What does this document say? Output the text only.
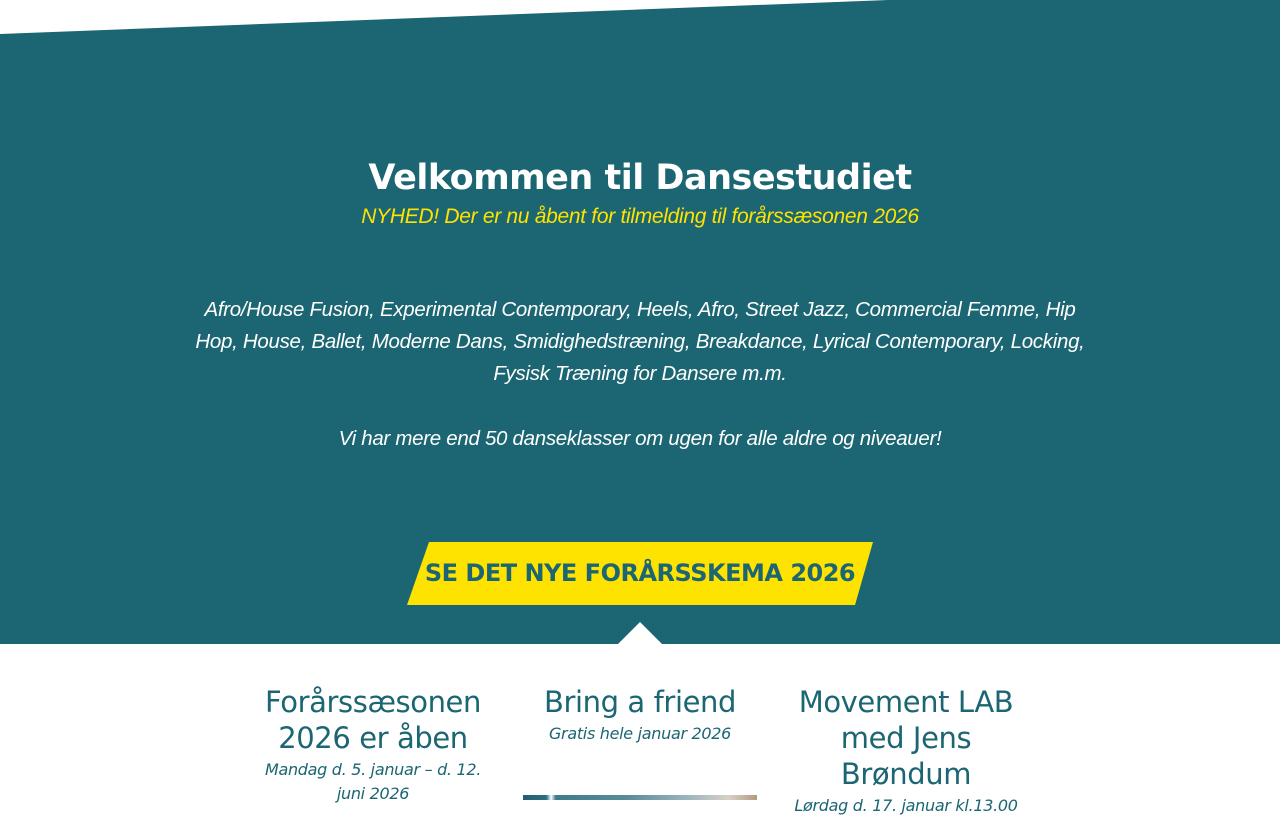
Velkommen til Dansestudiet
NYHED! Der er nu åbent for tilmelding til forårssæsonen 2026
Afro/House Fusion, Experimental Contemporary, Heels, Afro, Street Jazz, Commercial Femme, Hip Hop, House, Ballet, Moderne Dans, Smidighedstræning, Breakdance, Lyrical Contemporary, Locking, Fysisk Træning for Dansere m.m.
Vi har mere end 50 danseklasser om ugen for alle aldre og niveauer!
SE DET NYE FORÅRSSKEMA 2026
Forårssæsonen 2026 er åben
Mandag d. 5. januar – d. 12. juni 2026
Bring a friend
Gratis hele januar 2026
Movement LAB med Jens Brøndum
Lørdag d. 17. januar kl.13.00
